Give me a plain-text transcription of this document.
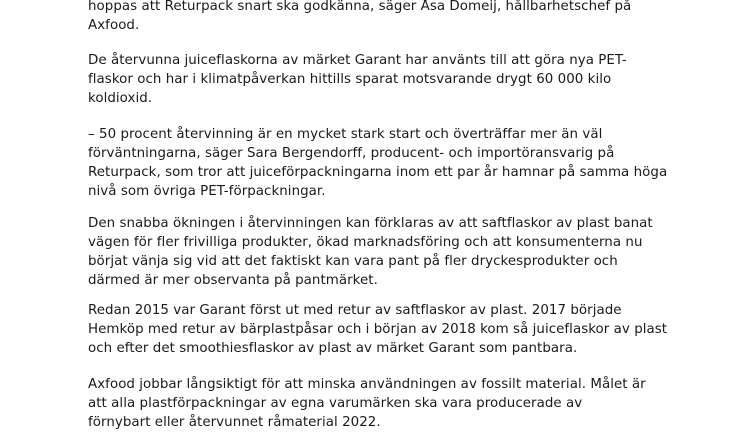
hoppas att Returpack snart ska godkänna, säger Åsa Domeij, hållbarhetschef på
Axfood.

De återvunna juiceflaskorna av märket Garant har använts till att göra nya PET-
flaskor och har i klimatpåverkan hittills sparat motsvarande drygt 60 000 kilo
koldioxid.

– 50 procent återvinning är en mycket stark start och överträffar mer än väl
förväntningarna, säger Sara Bergendorff, producent- och importöransvarig på
Returpack, som tror att juiceförpackningarna inom ett par år hamnar på samma höga
nivå som övriga PET-förpackningar.

Den snabba ökningen i återvinningen kan förklaras av att saftflaskor av plast banat
vägen för fler frivilliga produkter, ökad marknadsföring och att konsumenterna nu
börjat vänja sig vid att det faktiskt kan vara pant på fler dryckesprodukter och
därmed är mer observanta på pantmärket.

Redan 2015 var Garant först ut med retur av saftflaskor av plast. 2017 började
Hemköp med retur av bärplastpåsar och i början av 2018 kom så juiceflaskor av plast
och efter det smoothiesflaskor av plast av märket Garant som pantbara.

Axfood jobbar långsiktigt för att minska användningen av fossilt material. Målet är
att alla plastförpackningar av egna varumärken ska vara producerade av
förnybart eller återvunnet råmaterial 2022.
